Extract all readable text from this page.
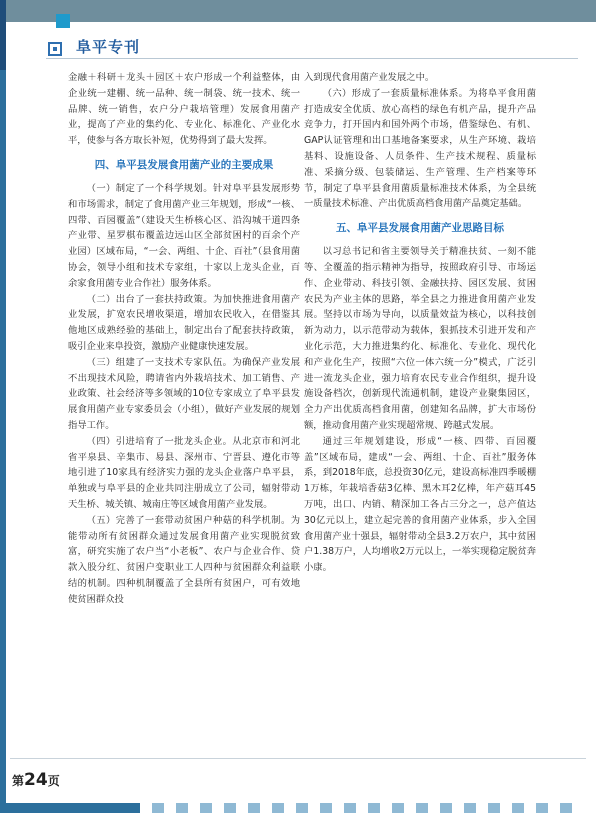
阜平专刊

金融＋科研＋龙头＋园区＋农户形成一个利益整体，由企业统一建棚、统一品种、统一制袋、统一技术、统一品牌、统一销售，农户分户栽培管理）发展食用菌产业，提高了产业的集约化、专业化、标准化、产业化水平，使参与各方取长补短，优势得到了最大发挥。

四、阜平县发展食用菌产业的主要成果

（一）制定了一个科学规划。针对阜平县发展形势和市场需求，制定了食用菌产业三年规划，形成“一核、四带、百园覆盖”（建设天生桥核心区、沿沟城干道四条产业带、星罗棋布覆盖边远山区全部贫困村的百余个产业园）区域布局，“一会、两组、十企、百社”（县食用菌协会，领导小组和技术专家组，十家以上龙头企业，百余家食用菌专业合作社）服务体系。

（二）出台了一套扶持政策。为加快推进食用菌产业发展，扩宽农民增收渠道，增加农民收入，在借鉴其他地区成熟经验的基础上，制定出台了配套扶持政策，吸引企业来阜投资，激励产业健康快速发展。

（三）组建了一支技术专家队伍。为确保产业发展不出现技术风险，聘请省内外栽培技术、加工销售、产业政策、社会经济等多领域的10位专家成立了阜平县发展食用菌产业专家委员会（小组），做好产业发展的规划指导工作。

（四）引进培育了一批龙头企业。从北京市和河北省平泉县、辛集市、易县、深州市、宁晋县、遵化市等地引进了10家具有经济实力强的龙头企业落户阜平县，单独或与阜平县的企业共同注册成立了公司，辐射带动天生桥、城关镇、城南庄等区域食用菌产业发展。

（五）完善了一套带动贫困户种菇的科学机制。为能带动所有贫困群众通过发展食用菌产业实现脱贫致富，研究实施了农户当“小老板”、农户与企业合作、贷款入股分红、贫困户变职业工人四种与贫困群众利益联结的机制。四种机制覆盖了全县所有贫困户，可有效地使贫困群众投

入到现代食用菌产业发展之中。

（六）形成了一套质量标准体系。为将阜平食用菌打造成安全优质、放心高档的绿色有机产品，提升产品竞争力，打开国内和国外两个市场，借鉴绿色、有机、GAP认证管理和出口基地备案要求，从生产环境、栽培基料、设施设备、人员条件、生产技术规程、质量标准、采摘分级、包装储运、生产管理、生产档案等环节，制定了阜平县食用菌质量标准技术体系，为全县统一质量技术标准、产出优质高档食用菌产品奠定基础。

五、阜平县发展食用菌产业思路目标

以习总书记和省主要领导关于精准扶贫、一刻不能等、全覆盖的指示精神为指导，按照政府引导、市场运作、企业带动、科技引领、金融扶持、园区发展、贫困农民为产业主体的思路，举全县之力推进食用菌产业发展。坚持以市场为导向，以质量效益为核心，以科技创新为动力，以示范带动为载体，狠抓技术引进开发和产业化示范，大力推进集约化、标准化、专业化、现代化和产业化生产，按照“六位一体六统一分”模式，广泛引进一流龙头企业，强力培育农民专业合作组织，提升设施设备档次，创新现代流通机制，建设产业聚集园区，全力产出优质高档食用菌，创建知名品牌，扩大市场份额，推动食用菌产业实现超常规、跨越式发展。

通过三年规划建设，形成“一核、四带、百园覆盖”区域布局，建成“一会、两组、十企、百社”服务体系，到2018年底，总投资30亿元，建设高标准四季暖棚1万栋，年栽培香菇3亿棒、黑木耳2亿棒，年产菇耳45万吨，出口、内销、精深加工各占三分之一，总产值达30亿元以上，建立起完善的食用菌产业体系，步入全国食用菌产业十强县，辐射带动全县3.2万农户，其中贫困户1.38万户，人均增收2万元以上，一举实现稳定脱贫奔小康。

第24页
